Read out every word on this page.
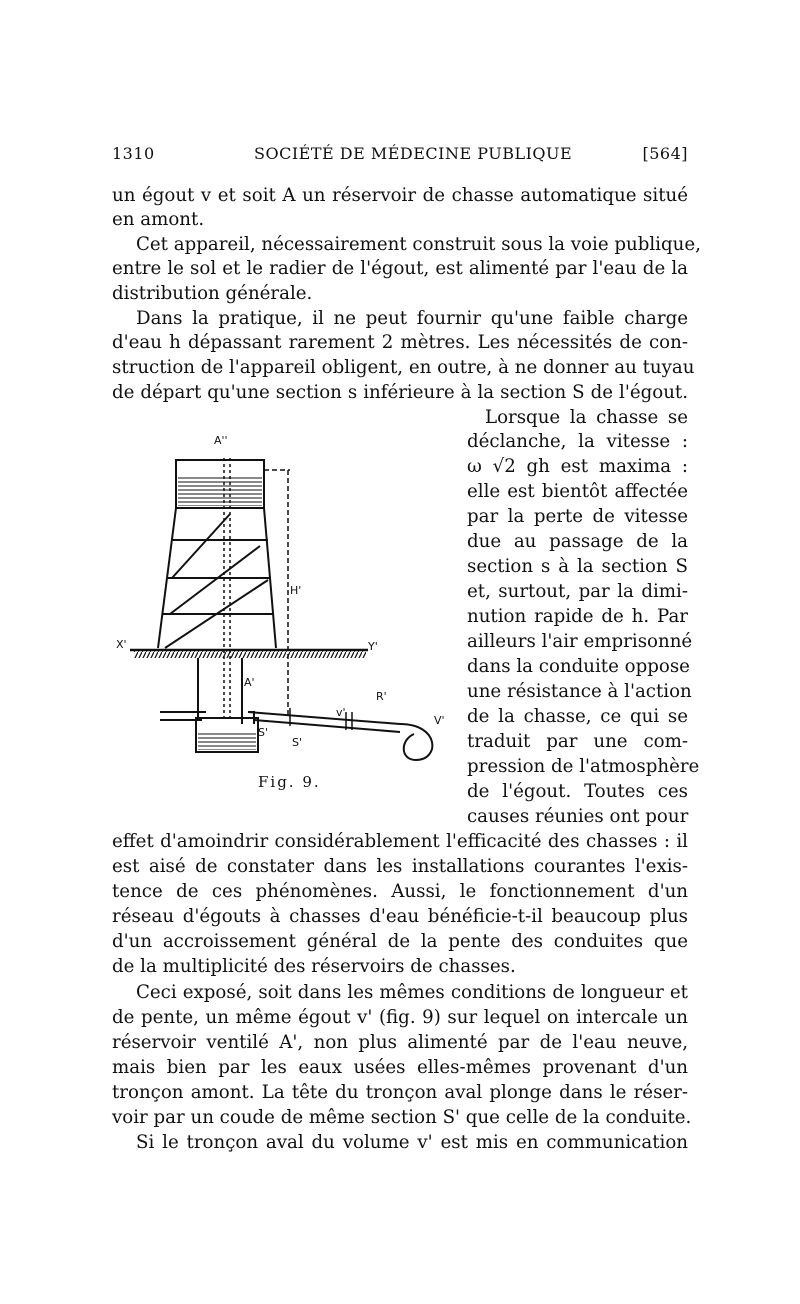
1310	SOCIÉTÉ DE MÉDECINE PUBLIQUE	[564]
un égout v et soit A un réservoir de chasse automatique situé
en amont.
Cet appareil, nécessairement construit sous la voie publique,
entre le sol et le radier de l'égout, est alimenté par l'eau de la
distribution générale.
Dans la pratique, il ne peut fournir qu'une faible charge
d'eau h dépassant rarement 2 mètres. Les nécessités de con-
struction de l'appareil obligent, en outre, à ne donner au tuyau
de départ qu'une section s inférieure à la section S de l'égout.
Lorsque la chasse se
déclanche, la vitesse :
ω √2 gh est maxima :
elle est bientôt affectée
par la perte de vitesse
due au passage de la
section s à la section S
et, surtout, par la dimi-
nution rapide de h. Par
ailleurs l'air emprisonné
dans la conduite oppose
une résistance à l'action
de la chasse, ce qui se
traduit par une com-
pression de l'atmosphère
de l'égout. Toutes ces
causes réunies ont pour
A''
H'
X'	Y'
A'
S'
S'
v'
R'
V'
Fig. 9.
effet d'amoindrir considérablement l'efficacité des chasses : il
est aisé de constater dans les installations courantes l'exis-
tence de ces phénomènes. Aussi, le fonctionnement d'un
réseau d'égouts à chasses d'eau bénéficie-t-il beaucoup plus
d'un accroissement général de la pente des conduites que
de la multiplicité des réservoirs de chasses.
Ceci exposé, soit dans les mêmes conditions de longueur et
de pente, un même égout v' (fig. 9) sur lequel on intercale un
réservoir ventilé A', non plus alimenté par de l'eau neuve,
mais bien par les eaux usées elles-mêmes provenant d'un
tronçon amont. La tête du tronçon aval plonge dans le réser-
voir par un coude de même section S' que celle de la conduite.
Si le tronçon aval du volume v' est mis en communication
